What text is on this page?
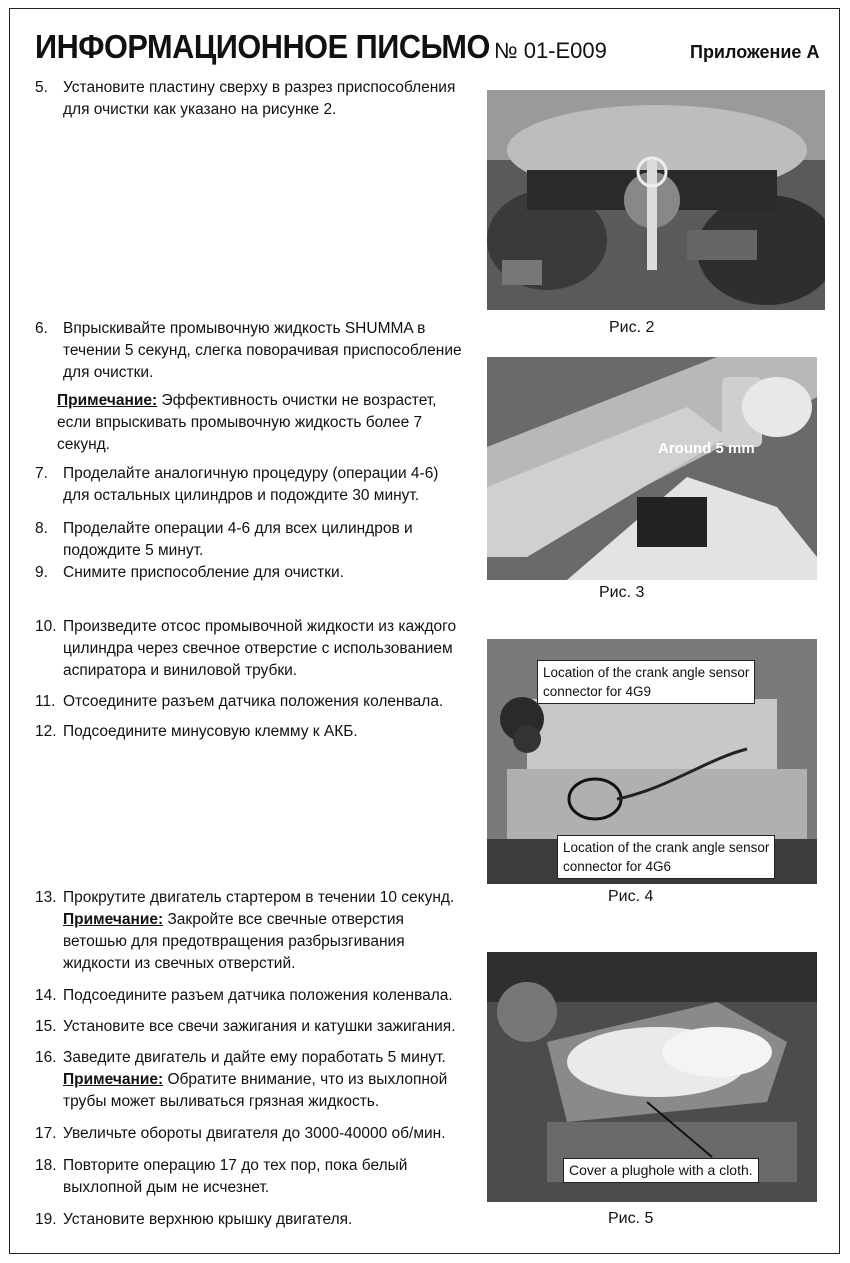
ИНФОРМАЦИОННОЕ ПИСЬМО № 01-E009	Приложение А
5. Установите пластину сверху в разрез приспособления
для очистки как указано на рисунке 2.
6. Впрыскивайте промывочную жидкость SHUMMA в
течении 5 секунд, слегка поворачивая приспособление
для очистки.
Примечание: Эффективность очистки не возрастет,
если впрыскивать промывочную жидкость более 7
секунд.
7. Проделайте аналогичную процедуру (операции 4-6)
для остальных цилиндров и подождите 30 минут.
8. Проделайте операции 4-6 для всех цилиндров и
подождите 5 минут.
9. Снимите приспособление для очистки.
10. Произведите отсос промывочной жидкости из каждого
цилиндра через свечное отверстие с использованием
аспиратора и виниловой трубки.
11. Отсоедините разъем датчика положения коленвала.
12. Подсоедините минусовую клемму к АКБ.
13. Прокрутите двигатель стартером в течении 10 секунд.
Примечание: Закройте все свечные отверстия
ветошью для предотвращения разбрызгивания
жидкости из свечных отверстий.
14. Подсоедините разъем датчика положения коленвала.
15. Установите все свечи зажигания и катушки зажигания.
16. Заведите двигатель и дайте ему поработать 5 минут.
Примечание: Обратите внимание, что из выхлопной
трубы может выливаться грязная жидкость.
17. Увеличьте обороты двигателя до 3000-40000 об/мин.
18. Повторите операцию 17 до тех пор, пока белый
выхлопной дым не исчезнет.
19. Установите верхнюю крышку двигателя.
Рис. 2
Around 5 mm
Рис. 3
Location of the crank angle sensor
connector for 4G9
Location of the crank angle sensor
connector for 4G6
Рис. 4
Cover a plughole with a cloth.
Рис. 5
